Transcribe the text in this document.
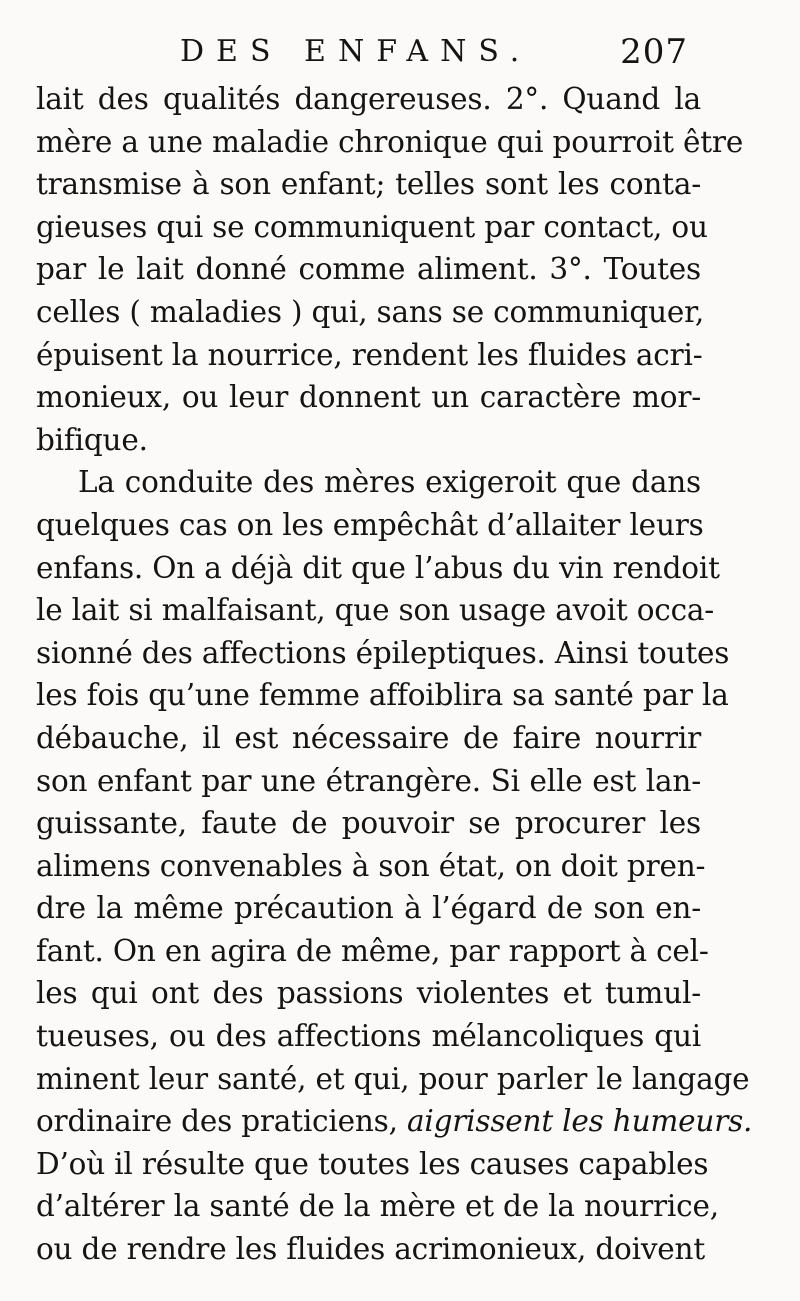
DES ENFANS.	207
lait des qualités dangereuses. 2°. Quand la
mère a une maladie chronique qui pourroit être
transmise à son enfant; telles sont les conta-
gieuses qui se communiquent par contact, ou
par le lait donné comme aliment. 3°. Toutes
celles ( maladies ) qui, sans se communiquer,
épuisent la nourrice, rendent les fluides acri-
monieux, ou leur donnent un caractère mor-
bifique.
La conduite des mères exigeroit que dans
quelques cas on les empêchât d’allaiter leurs
enfans. On a déjà dit que l’abus du vin rendoit
le lait si malfaisant, que son usage avoit occa-
sionné des affections épileptiques. Ainsi toutes
les fois qu’une femme affoiblira sa santé par la
débauche, il est nécessaire de faire nourrir
son enfant par une étrangère. Si elle est lan-
guissante, faute de pouvoir se procurer les
alimens convenables à son état, on doit pren-
dre la même précaution à l’égard de son en-
fant. On en agira de même, par rapport à cel-
les qui ont des passions violentes et tumul-
tueuses, ou des affections mélancoliques qui
minent leur santé, et qui, pour parler le langage
ordinaire des praticiens, aigrissent les humeurs.
D’où il résulte que toutes les causes capables
d’altérer la santé de la mère et de la nourrice,
ou de rendre les fluides acrimonieux, doivent
